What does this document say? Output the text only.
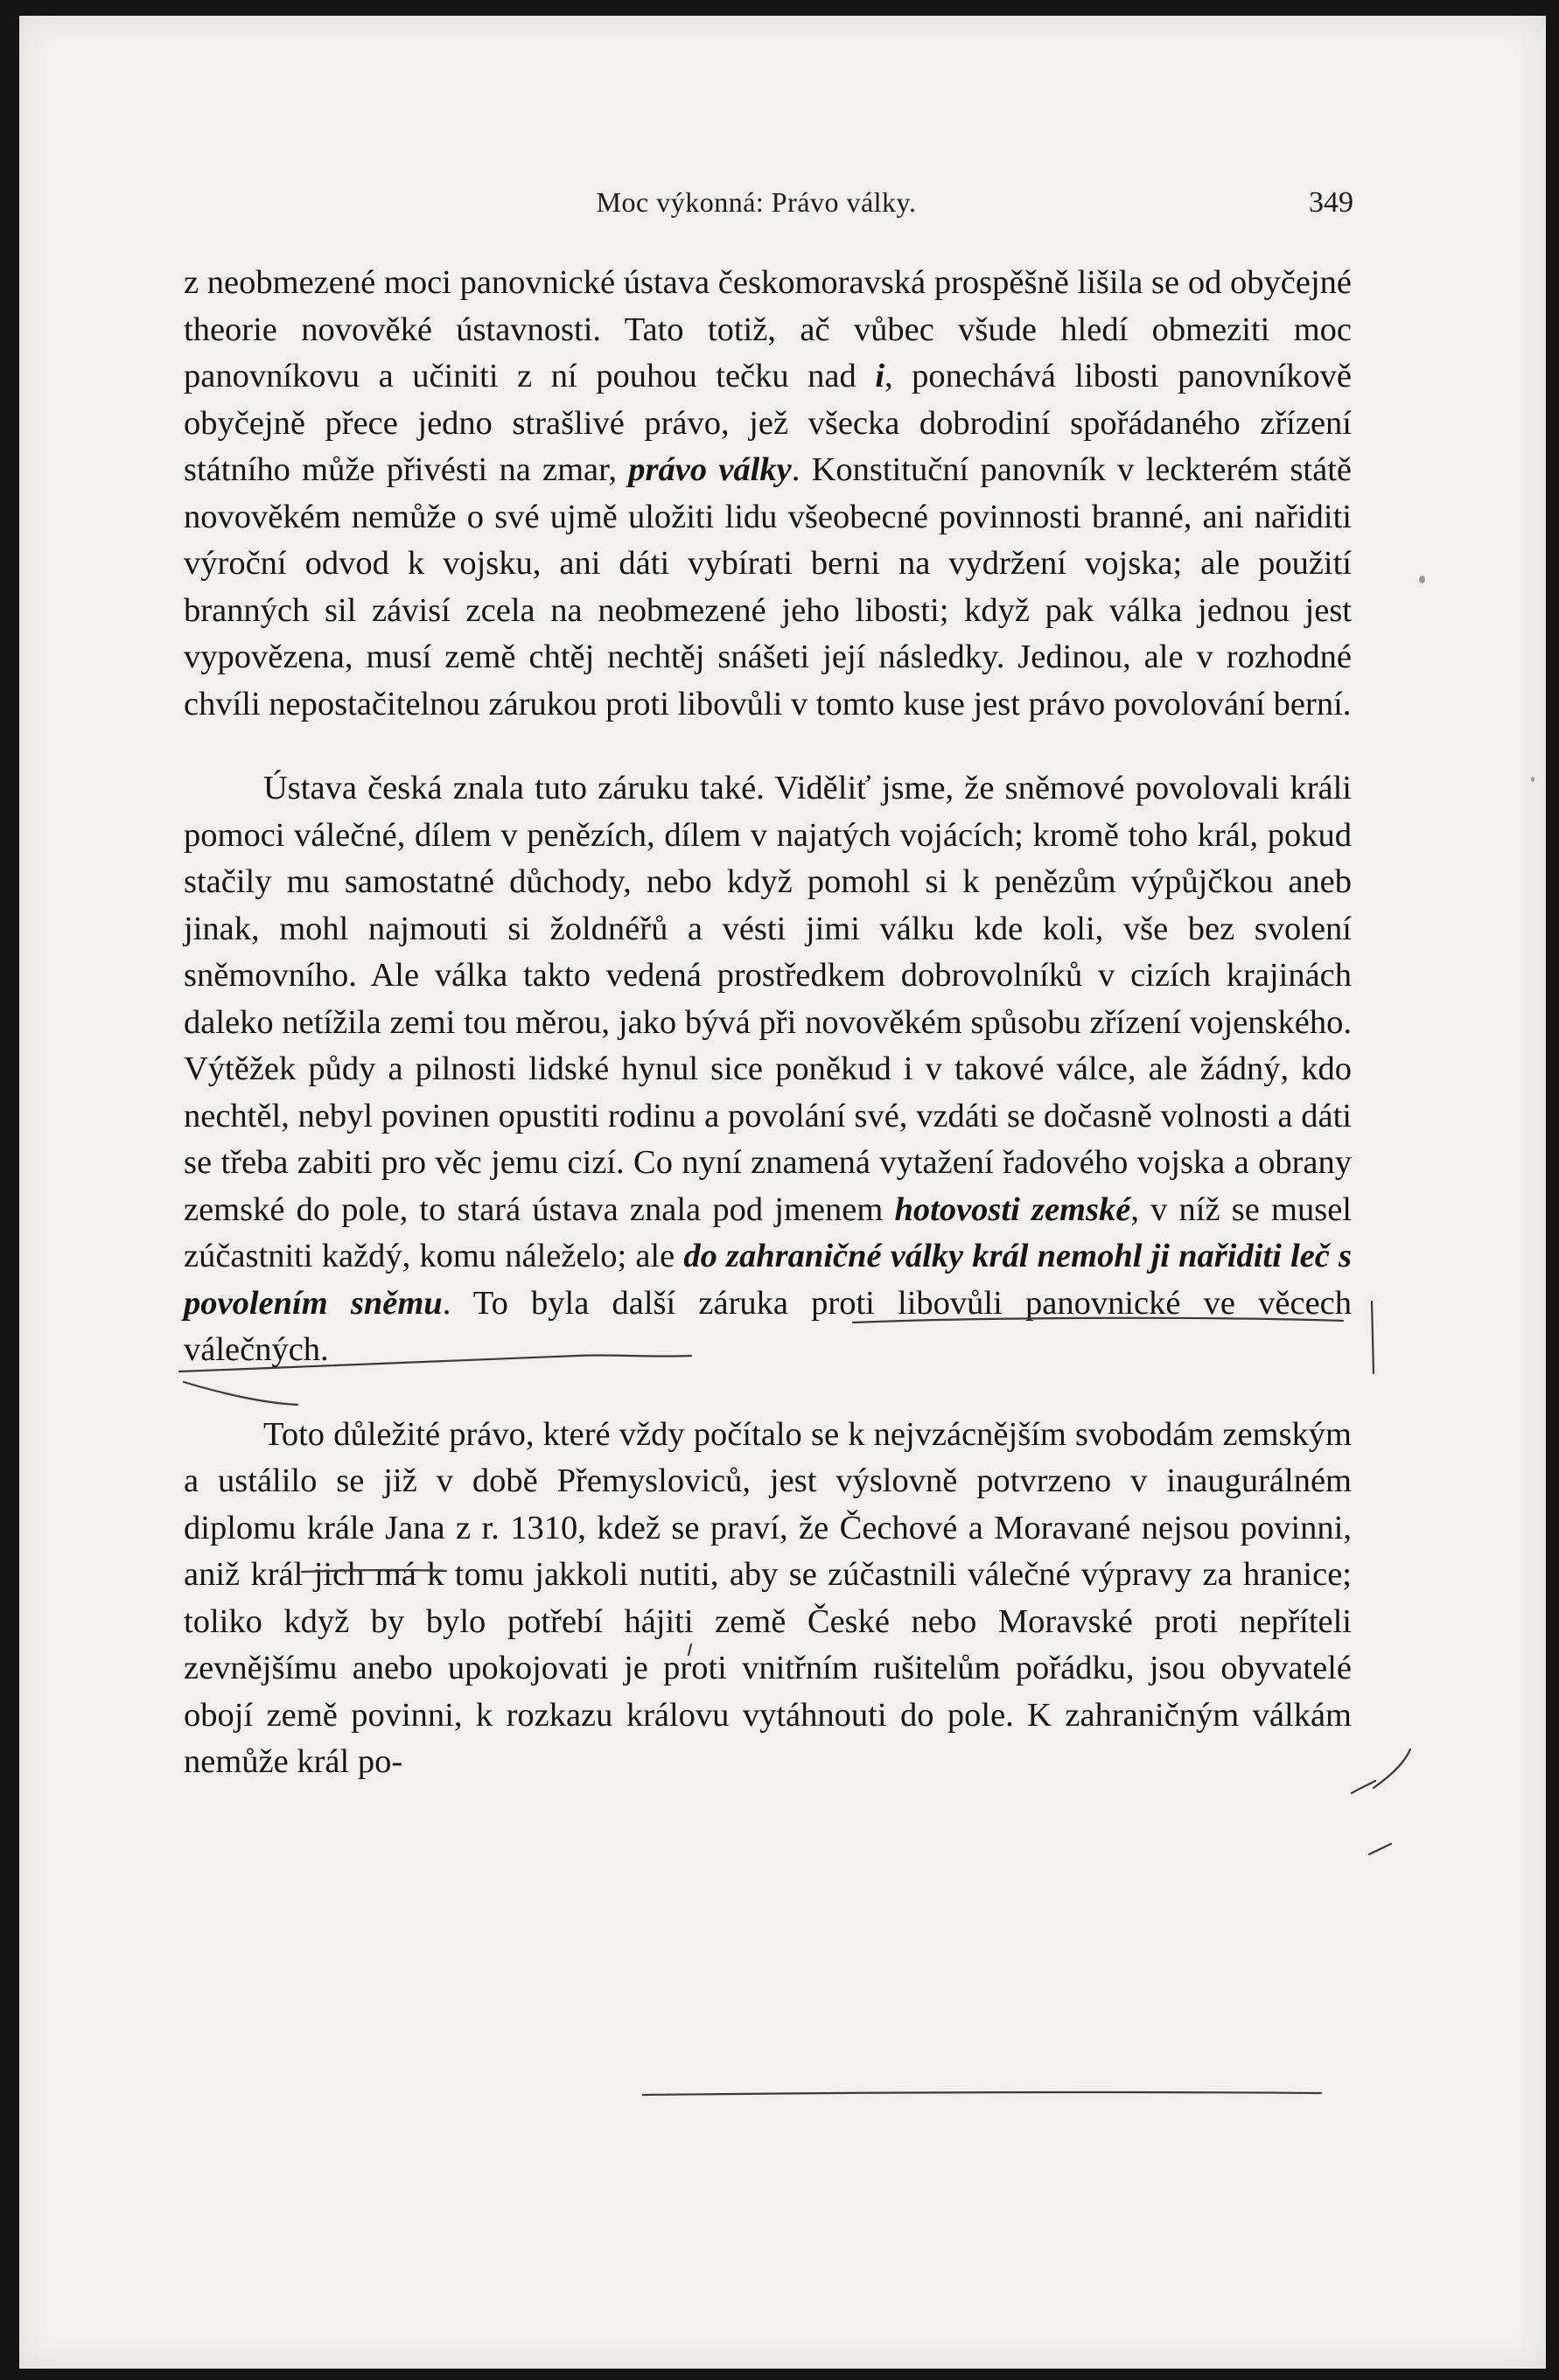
Moc výkonná: Právo války.	349

z neobmezené moci panovnické ústava českomoravská prospěšně lišila se od obyčejné theorie novověké ústavnosti. Tato totiž, ač vůbec všude hledí obmeziti moc panovníkovu a učiniti z ní pouhou tečku nad i, ponechává libosti panovníkově obyčejně přece jedno strašlivé právo, jež všecka dobrodiní spořádaného zřízení státního může přivésti na zmar, právo války. Konstituční panovník v leckterém státě novověkém nemůže o své ujmě uložiti lidu všeobecné povinnosti branné, ani nařiditi výroční odvod k vojsku, ani dáti vybírati berni na vydržení vojska; ale použití branných sil závisí zcela na neobmezené jeho libosti; když pak válka jednou jest vypovězena, musí země chtěj nechtěj snášeti její následky. Jedinou, ale v rozhodné chvíli nepostačitelnou zárukou proti libovůli v tomto kuse jest právo povolování berní.

Ústava česká znala tuto záruku také. Viděliť jsme, že sněmové povolovali králi pomoci válečné, dílem v penězích, dílem v najatých vojácích; kromě toho král, pokud stačily mu samostatné důchody, nebo když pomohl si k penězům výpůjčkou aneb jinak, mohl najmouti si žoldnéřů a vésti jimi válku kde koli, vše bez svolení sněmovního. Ale válka takto vedená prostředkem dobrovolníků v cizích krajinách daleko netížila zemi tou měrou, jako bývá při novověkém spůsobu zřízení vojenského. Výtěžek půdy a pilnosti lidské hynul sice poněkud i v takové válce, ale žádný, kdo nechtěl, nebyl povinen opustiti rodinu a povolání své, vzdáti se dočasně volnosti a dáti se třeba zabiti pro věc jemu cizí. Co nyní znamená vytažení řadového vojska a obrany zemské do pole, to stará ústava znala pod jmenem hotovosti zemské, v níž se musel zúčastniti každý, komu náleželo; ale do zahraničné války král nemohl ji nařiditi leč s povolením sněmu. To byla další záruka proti libovůli panovnické ve věcech válečných.

Toto důležité právo, které vždy počítalo se k nejvzácnějším svobodám zemským a ustálilo se již v době Přemysloviců, jest výslovně potvrzeno v inaugurálném diplomu krále Jana z r. 1310, kdež se praví, že Čechové a Moravané nejsou povinni, aniž král jich má k tomu jakkoli nutiti, aby se zúčastnili válečné výpravy za hranice; toliko když by bylo potřebí hájiti země České nebo Moravské proti nepříteli zevnějšímu anebo upokojovati je proti vnitřním rušitelům pořádku, jsou obyvatelé obojí země povinni, k rozkazu královu vytáhnouti do pole. K zahraničným válkám nemůže král po-
